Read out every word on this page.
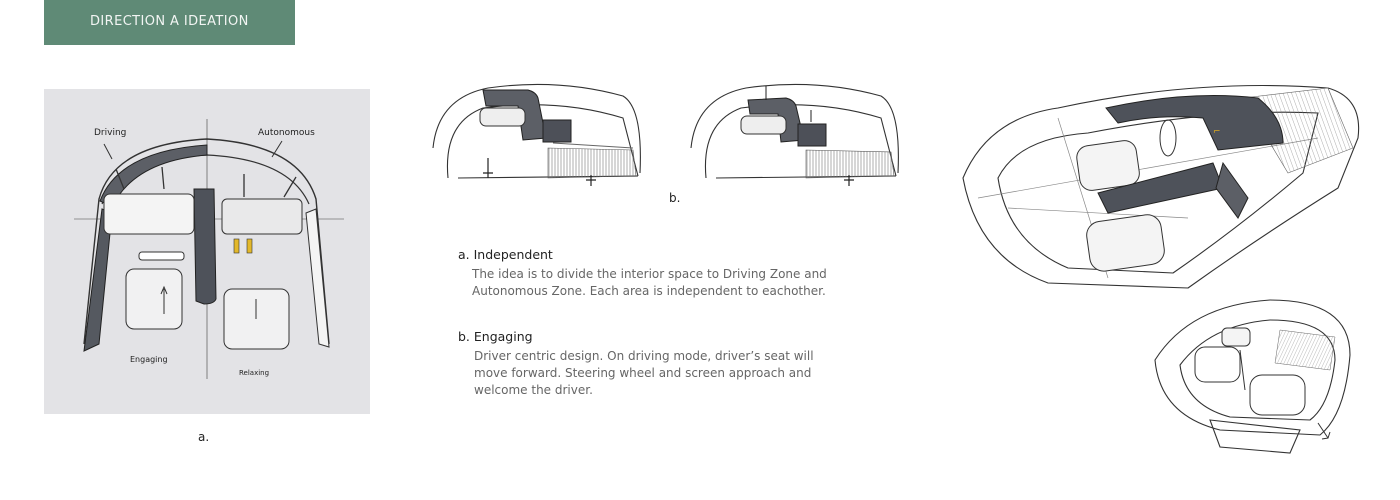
DIRECTION A IDEATION
Driving	Autonomous
Engaging
Relaxing
a.
b.

a. Independent

The idea is to divide the interior space to Driving Zone and Autonomous Zone. Each area is independent to eachother.

b. Engaging

Driver centric design. On driving mode, driver’s seat will move forward. Steering wheel and screen approach and welcome the driver.

⌐
